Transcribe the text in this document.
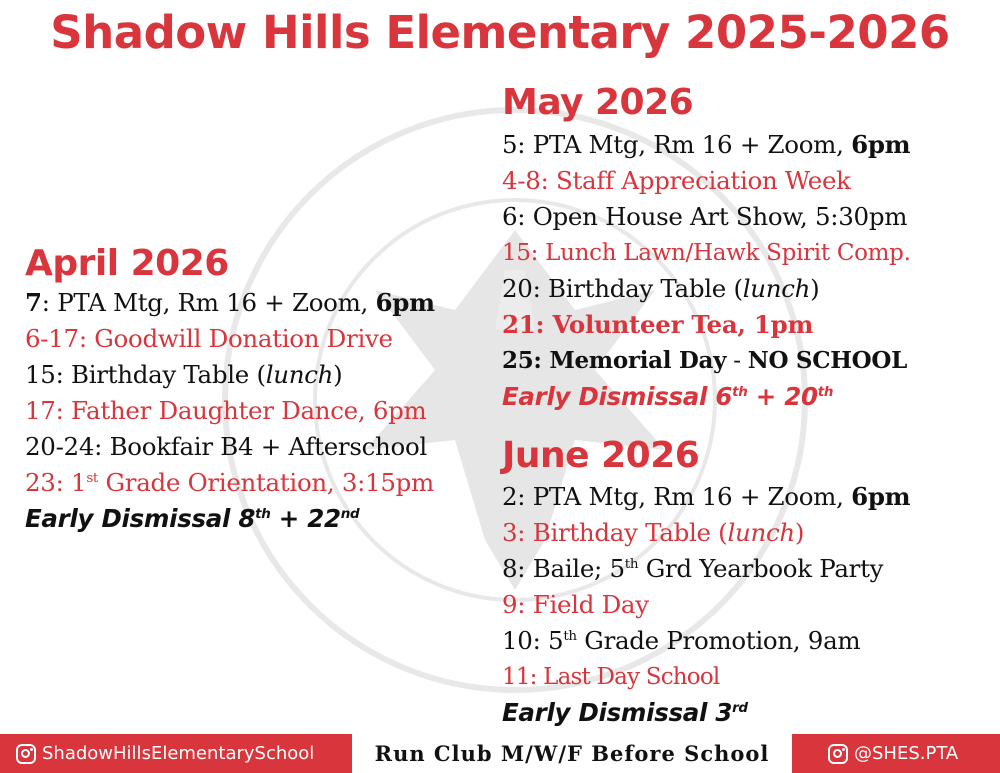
Shadow Hills Elementary 2025-2026
April 2026
7: PTA Mtg, Rm 16 + Zoom, 6pm
6-17: Goodwill Donation Drive
15: Birthday Table (lunch)
17: Father Daughter Dance, 6pm
20-24: Bookfair B4 + Afterschool
23: 1st Grade Orientation, 3:15pm
Early Dismissal 8th + 22nd
May 2026
5: PTA Mtg, Rm 16 + Zoom, 6pm
4-8: Staff Appreciation Week
6: Open House Art Show, 5:30pm
15: Lunch Lawn/Hawk Spirit Comp.
20: Birthday Table (lunch)
21: Volunteer Tea, 1pm
25: Memorial Day - NO SCHOOL
Early Dismissal 6th + 20th
June 2026
2: PTA Mtg, Rm 16 + Zoom, 6pm
3: Birthday Table (lunch)
8: Baile; 5th Grd Yearbook Party
9: Field Day
10: 5th Grade Promotion, 9am
11: Last Day School
Early Dismissal 3rd
ShadowHillsElementarySchool	Run Club M/W/F Before School	@SHES.PTA
